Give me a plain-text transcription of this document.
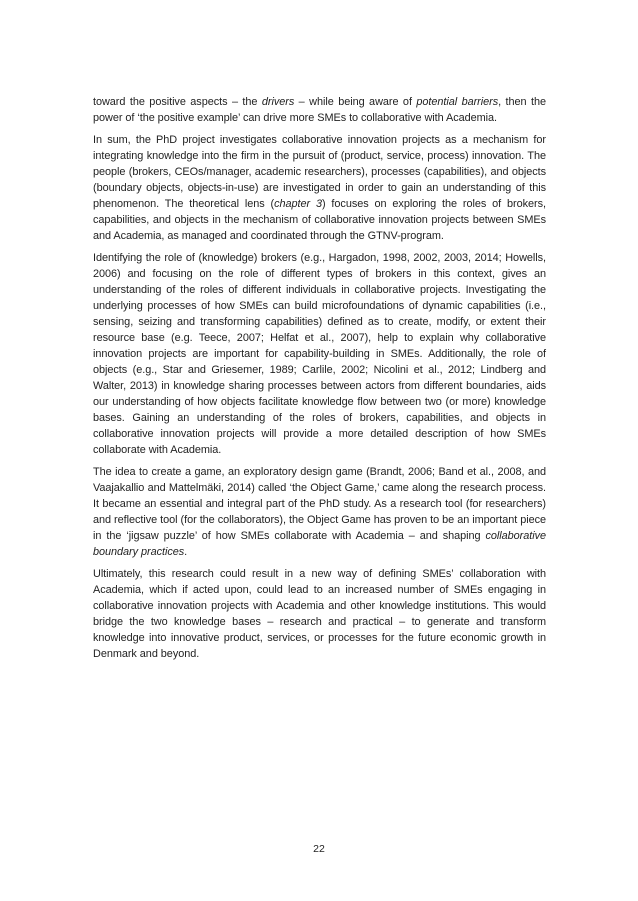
toward the positive aspects – the drivers – while being aware of potential barriers, then the power of ‘the positive example’ can drive more SMEs to collaborative with Academia.

In sum, the PhD project investigates collaborative innovation projects as a mechanism for integrating knowledge into the firm in the pursuit of (product, service, process) innovation. The people (brokers, CEOs/manager, academic researchers), processes (capabilities), and objects (boundary objects, objects-in-use) are investigated in order to gain an understanding of this phenomenon. The theoretical lens (chapter 3) focuses on exploring the roles of brokers, capabilities, and objects in the mechanism of collaborative innovation projects between SMEs and Academia, as managed and coordinated through the GTNV-program.

Identifying the role of (knowledge) brokers (e.g., Hargadon, 1998, 2002, 2003, 2014; Howells, 2006) and focusing on the role of different types of brokers in this context, gives an understanding of the roles of different individuals in collaborative projects. Investigating the underlying processes of how SMEs can build microfoundations of dynamic capabilities (i.e., sensing, seizing and transforming capabilities) defined as to create, modify, or extent their resource base (e.g. Teece, 2007; Helfat et al., 2007), help to explain why collaborative innovation projects are important for capability-building in SMEs. Additionally, the role of objects (e.g., Star and Griesemer, 1989; Carlile, 2002; Nicolini et al., 2012; Lindberg and Walter, 2013) in knowledge sharing processes between actors from different boundaries, aids our understanding of how objects facilitate knowledge flow between two (or more) knowledge bases. Gaining an understanding of the roles of brokers, capabilities, and objects in collaborative innovation projects will provide a more detailed description of how SMEs collaborate with Academia.

The idea to create a game, an exploratory design game (Brandt, 2006; Band et al., 2008, and Vaajakallio and Mattelmäki, 2014) called ‘the Object Game,’ came along the research process. It became an essential and integral part of the PhD study. As a research tool (for researchers) and reflective tool (for the collaborators), the Object Game has proven to be an important piece in the ‘jigsaw puzzle’ of how SMEs collaborate with Academia – and shaping collaborative boundary practices.

Ultimately, this research could result in a new way of defining SMEs’ collaboration with Academia, which if acted upon, could lead to an increased number of SMEs engaging in collaborative innovation projects with Academia and other knowledge institutions. This would bridge the two knowledge bases – research and practical – to generate and transform knowledge into innovative product, services, or processes for the future economic growth in Denmark and beyond.

22
